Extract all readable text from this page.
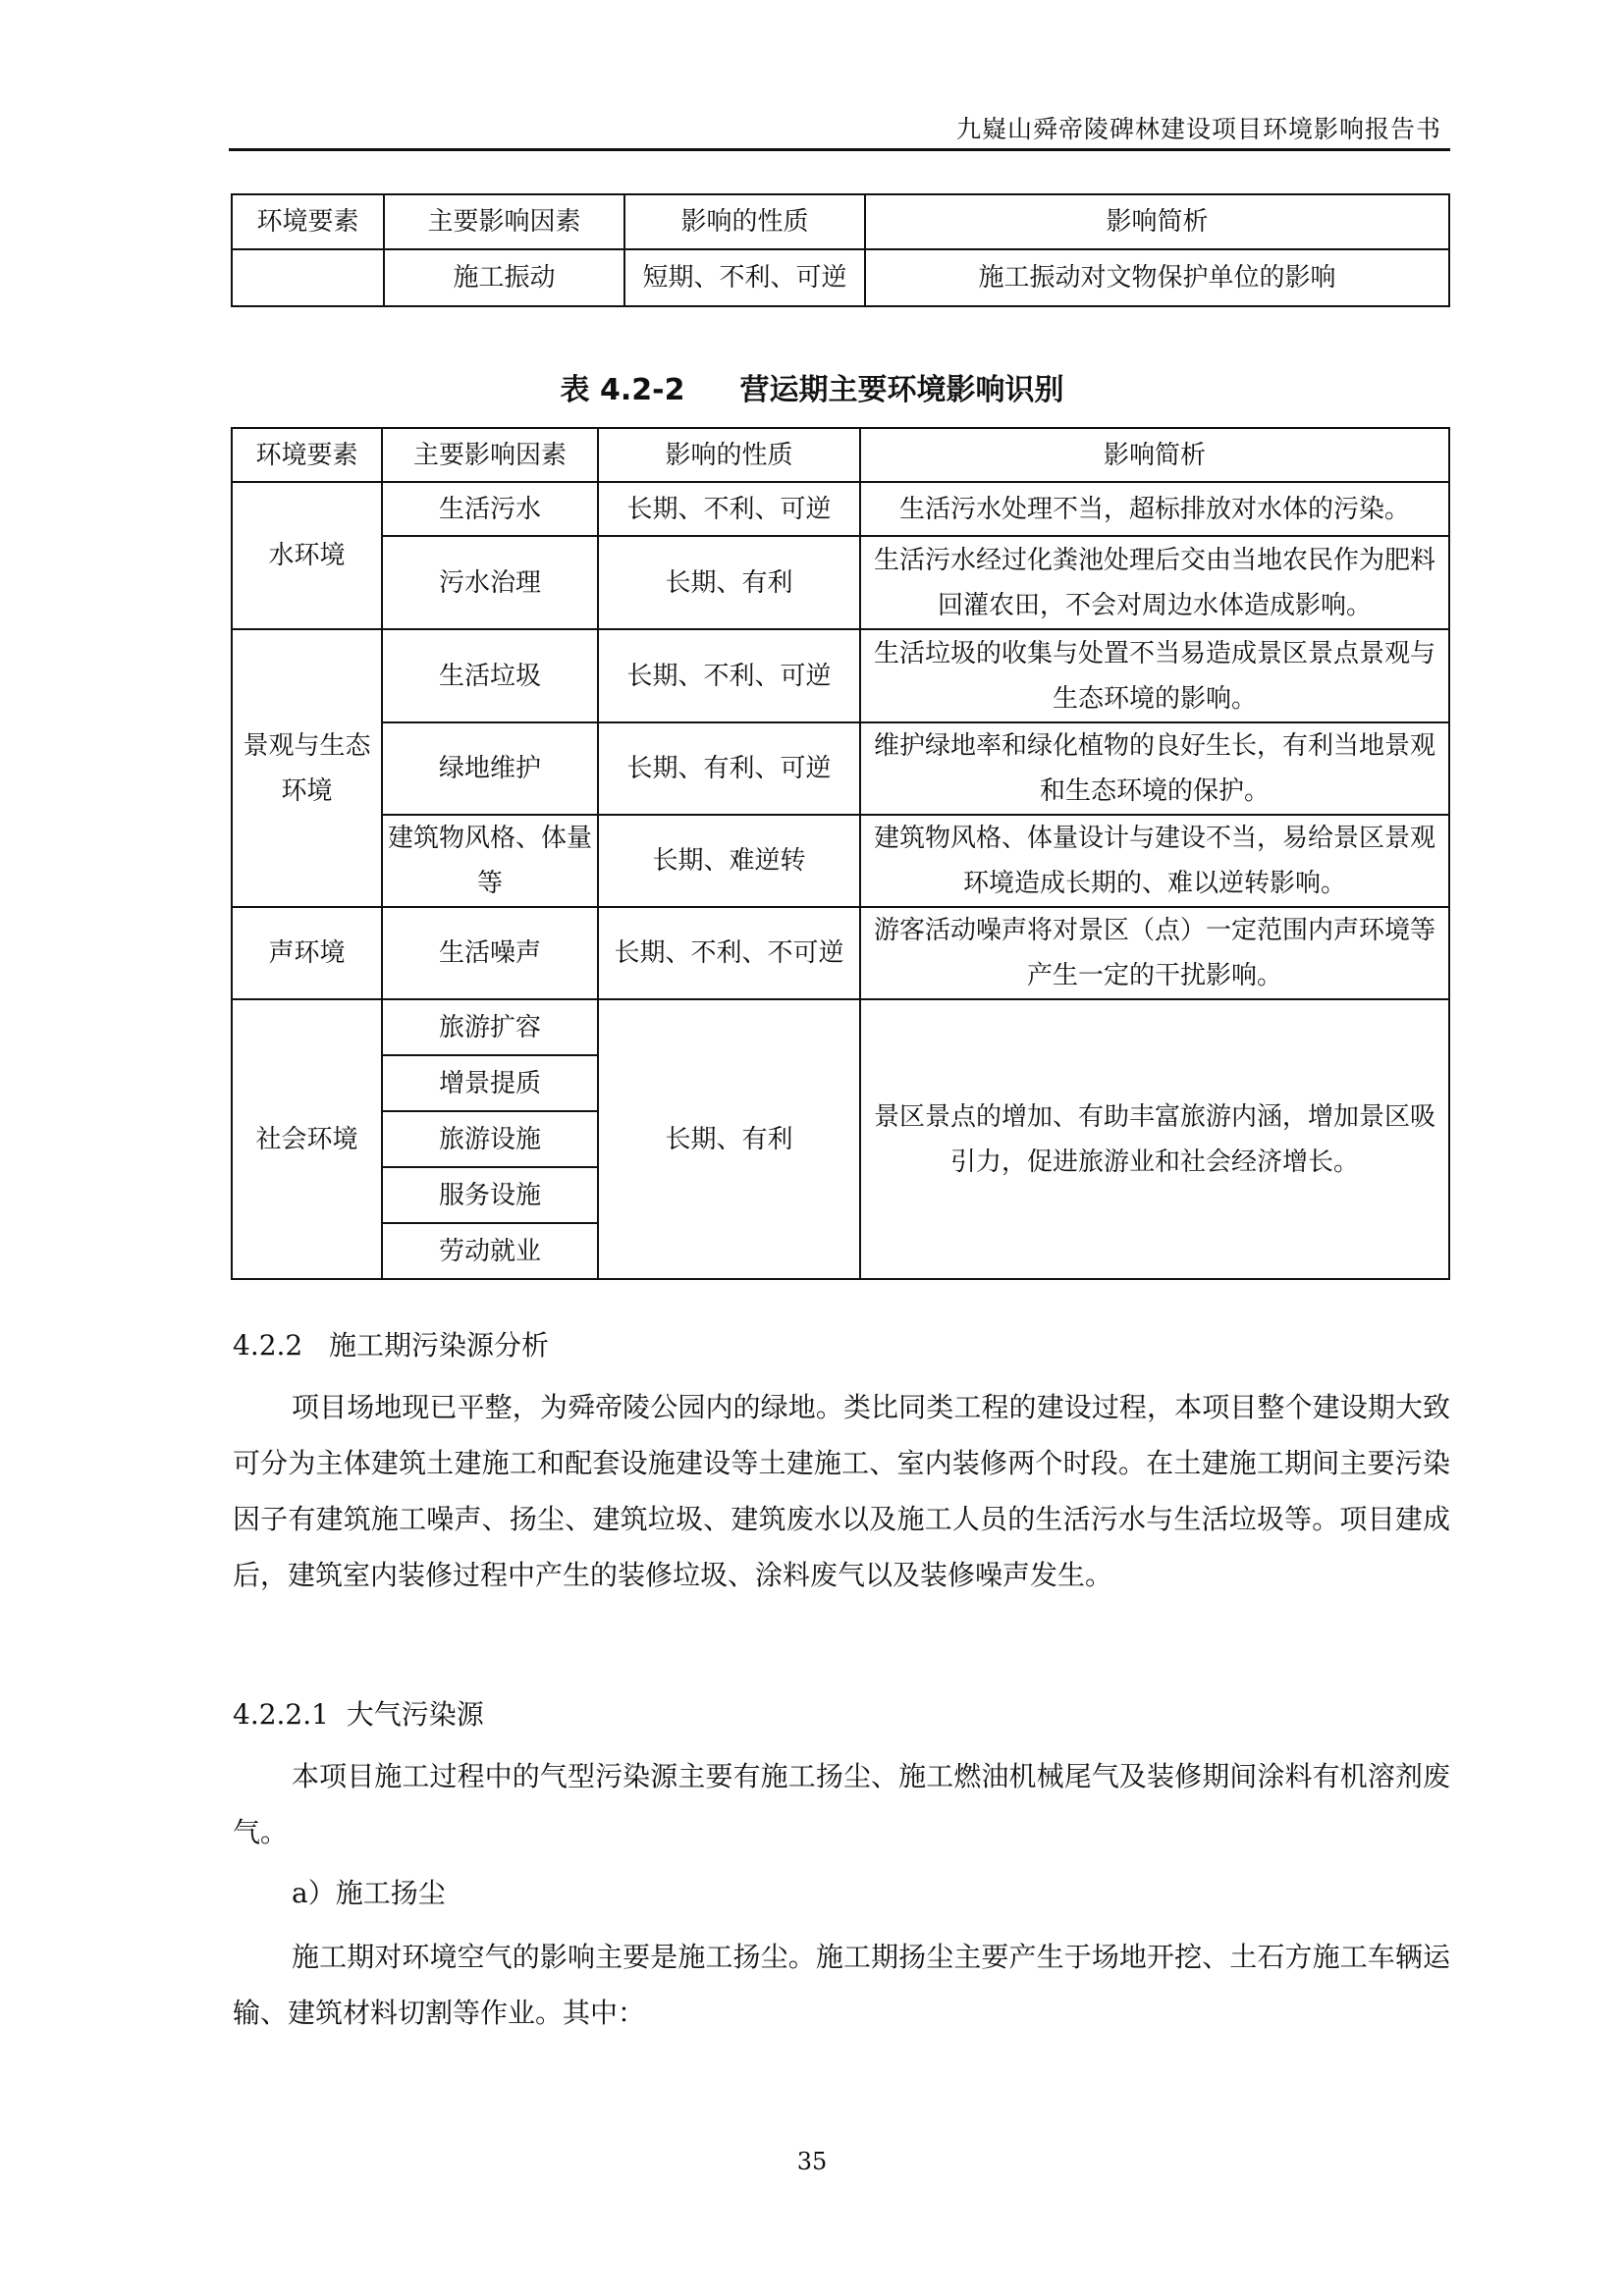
九嶷山舜帝陵碑林建设项目环境影响报告书
环境要素	主要影响因素	影响的性质	影响简析
	施工振动	短期、不利、可逆	施工振动对文物保护单位的影响
表 4.2-2 营运期主要环境影响识别
环境要素	主要影响因素	影响的性质	影响简析
水环境	生活污水	长期、不利、可逆	生活污水处理不当，超标排放对水体的污染。
	污水治理	长期、有利	生活污水经过化粪池处理后交由当地农民作为肥料回灌农田，不会对周边水体造成影响。
景观与生态环境	生活垃圾	长期、不利、可逆	生活垃圾的收集与处置不当易造成景区景点景观与生态环境的影响。
	绿地维护	长期、有利、可逆	维护绿地率和绿化植物的良好生长，有利当地景观和生态环境的保护。
	建筑物风格、体量等	长期、难逆转	建筑物风格、体量设计与建设不当，易给景区景观环境造成长期的、难以逆转影响。
声环境	生活噪声	长期、不利、不可逆	游客活动噪声将对景区（点）一定范围内声环境等产生一定的干扰影响。
社会环境	旅游扩容	长期、有利	景区景点的增加、有助丰富旅游内涵，增加景区吸引力，促进旅游业和社会经济增长。
	增景提质		
	旅游设施		
	服务设施		
	劳动就业		
4.2.2 施工期污染源分析
项目场地现已平整，为舜帝陵公园内的绿地。类比同类工程的建设过程，本项目整个建设期大致可分为主体建筑土建施工和配套设施建设等土建施工、室内装修两个时段。在土建施工期间主要污染因子有建筑施工噪声、扬尘、建筑垃圾、建筑废水以及施工人员的生活污水与生活垃圾等。项目建成后，建筑室内装修过程中产生的装修垃圾、涂料废气以及装修噪声发生。
4.2.2.1 大气污染源
本项目施工过程中的气型污染源主要有施工扬尘、施工燃油机械尾气及装修期间涂料有机溶剂废气。
a）施工扬尘
施工期对环境空气的影响主要是施工扬尘。施工期扬尘主要产生于场地开挖、土石方施工车辆运输、建筑材料切割等作业。其中：
35
